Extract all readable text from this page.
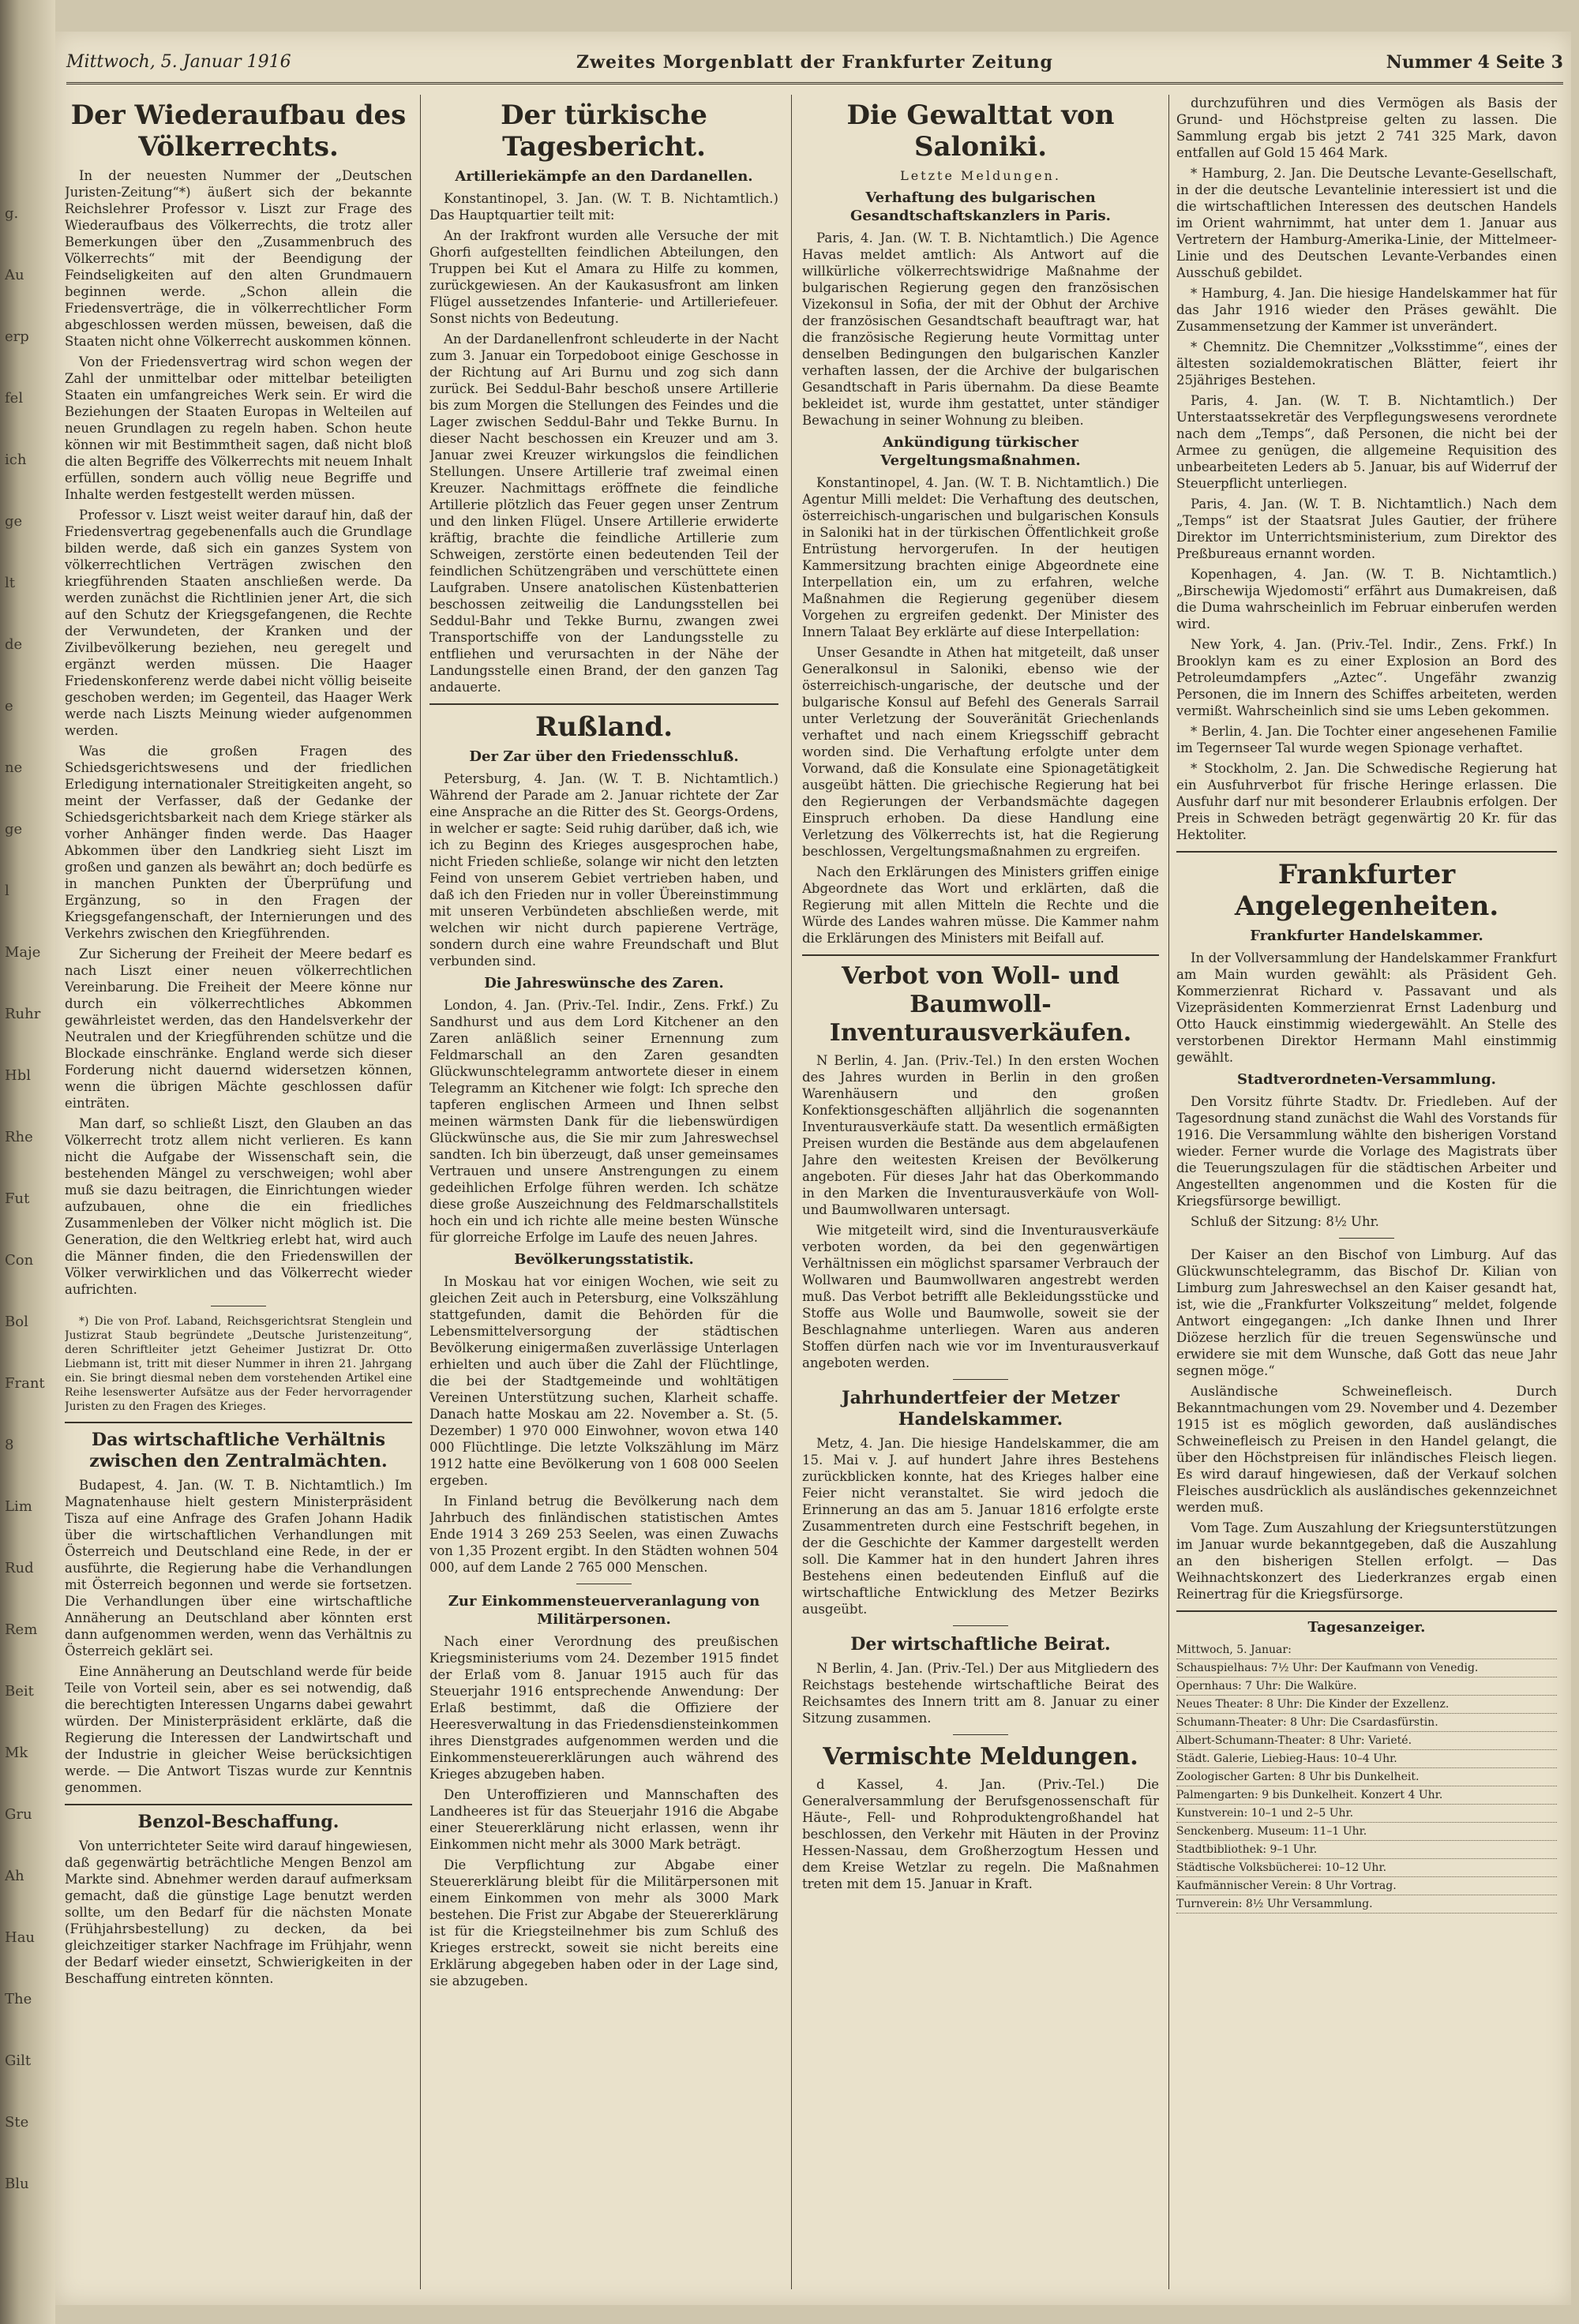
g.
Au
erp
fel
ich
ge
lt
de
e
ne
ge
l
Maje
Ruhr
Hbl
Rhe
Fut
Con
Bol
Frant
8
Lim
Rud
Rem
Beit
Mk
Gru
Ah
Hau
The
Gilt
Ste
Blu
Mittwoch, 5. Januar 1916	Zweites Morgenblatt der Frankfurter Zeitung	Nummer 4 Seite 3
Der Wiederaufbau des Völkerrechts.

In der neuesten Nummer der „Deutschen Juristen-Zeitung“*) äußert sich der bekannte Reichslehrer Professor v. Liszt zur Frage des Wiederaufbaus des Völkerrechts, die trotz aller Bemerkungen über den „Zusammenbruch des Völkerrechts“ mit der Beendigung der Feindseligkeiten auf den alten Grundmauern beginnen werde. „Schon allein die Friedensverträge, die in völkerrechtlicher Form abgeschlossen werden müssen, beweisen, daß die Staaten nicht ohne Völkerrecht auskommen können.

Von der Friedensvertrag wird schon wegen der Zahl der unmittelbar oder mittelbar beteiligten Staaten ein umfangreiches Werk sein. Er wird die Beziehungen der Staaten Europas in Welteilen auf neuen Grundlagen zu regeln haben. Schon heute können wir mit Bestimmtheit sagen, daß nicht bloß die alten Begriffe des Völkerrechts mit neuem Inhalt erfüllen, sondern auch völlig neue Begriffe und Inhalte werden festgestellt werden müssen.

Professor v. Liszt weist weiter darauf hin, daß der Friedensvertrag gegebenenfalls auch die Grundlage bilden werde, daß sich ein ganzes System von völkerrechtlichen Verträgen zwischen den kriegführenden Staaten anschließen werde. Da werden zunächst die Richtlinien jener Art, die sich auf den Schutz der Kriegsgefangenen, die Rechte der Verwundeten, der Kranken und der Zivilbevölkerung beziehen, neu geregelt und ergänzt werden müssen. Die Haager Friedenskonferenz werde dabei nicht völlig beiseite geschoben werden; im Gegenteil, das Haager Werk werde nach Liszts Meinung wieder aufgenommen werden.

Was die großen Fragen des Schiedsgerichtswesens und der friedlichen Erledigung internationaler Streitigkeiten angeht, so meint der Verfasser, daß der Gedanke der Schiedsgerichtsbarkeit nach dem Kriege stärker als vorher Anhänger finden werde. Das Haager Abkommen über den Landkrieg sieht Liszt im großen und ganzen als bewährt an; doch bedürfe es in manchen Punkten der Überprüfung und Ergänzung, so in den Fragen der Kriegsgefangenschaft, der Internierungen und des Verkehrs zwischen den Kriegführenden.

Zur Sicherung der Freiheit der Meere bedarf es nach Liszt einer neuen völkerrechtlichen Vereinbarung. Die Freiheit der Meere könne nur durch ein völkerrechtliches Abkommen gewährleistet werden, das den Handelsverkehr der Neutralen und der Kriegführenden schütze und die Blockade einschränke. England werde sich dieser Forderung nicht dauernd widersetzen können, wenn die übrigen Mächte geschlossen dafür einträten.

Man darf, so schließt Liszt, den Glauben an das Völkerrecht trotz allem nicht verlieren. Es kann nicht die Aufgabe der Wissenschaft sein, die bestehenden Mängel zu verschweigen; wohl aber muß sie dazu beitragen, die Einrichtungen wieder aufzubauen, ohne die ein friedliches Zusammenleben der Völker nicht möglich ist. Die Generation, die den Weltkrieg erlebt hat, wird auch die Männer finden, die den Friedenswillen der Völker verwirklichen und das Völkerrecht wieder aufrichten.

*) Die von Prof. Laband, Reichsgerichtsrat Stenglein und Justizrat Staub begründete „Deutsche Juristenzeitung“, deren Schriftleiter jetzt Geheimer Justizrat Dr. Otto Liebmann ist, tritt mit dieser Nummer in ihren 21. Jahrgang ein. Sie bringt diesmal neben dem vorstehenden Artikel eine Reihe lesenswerter Aufsätze aus der Feder hervorragender Juristen zu den Fragen des Krieges.

Das wirtschaftliche Verhältnis zwischen den Zentralmächten.

Budapest, 4. Jan. (W. T. B. Nichtamtlich.) Im Magnatenhause hielt gestern Ministerpräsident Tisza auf eine Anfrage des Grafen Johann Hadik über die wirtschaftlichen Verhandlungen mit Österreich und Deutschland eine Rede, in der er ausführte, die Regierung habe die Verhandlungen mit Österreich begonnen und werde sie fortsetzen. Die Verhandlungen über eine wirtschaftliche Annäherung an Deutschland aber könnten erst dann aufgenommen werden, wenn das Verhältnis zu Österreich geklärt sei.

Eine Annäherung an Deutschland werde für beide Teile von Vorteil sein, aber es sei notwendig, daß die berechtigten Interessen Ungarns dabei gewahrt würden. Der Ministerpräsident erklärte, daß die Regierung die Interessen der Landwirtschaft und der Industrie in gleicher Weise berücksichtigen werde. — Die Antwort Tiszas wurde zur Kenntnis genommen.

Benzol-Beschaffung.

Von unterrichteter Seite wird darauf hingewiesen, daß gegenwärtig beträchtliche Mengen Benzol am Markte sind. Abnehmer werden darauf aufmerksam gemacht, daß die günstige Lage benutzt werden sollte, um den Bedarf für die nächsten Monate (Frühjahrsbestellung) zu decken, da bei gleichzeitiger starker Nachfrage im Frühjahr, wenn der Bedarf wieder einsetzt, Schwierigkeiten in der Beschaffung eintreten könnten.

Der türkische Tagesbericht.
Artilleriekämpfe an den Dardanellen.

Konstantinopel, 3. Jan. (W. T. B. Nichtamtlich.) Das Hauptquartier teilt mit:

An der Irakfront wurden alle Versuche der mit Ghorfi aufgestellten feindlichen Abteilungen, den Truppen bei Kut el Amara zu Hilfe zu kommen, zurückgewiesen. An der Kaukasusfront am linken Flügel aussetzendes Infanterie- und Artilleriefeuer. Sonst nichts von Bedeutung.

An der Dardanellenfront schleuderte in der Nacht zum 3. Januar ein Torpedoboot einige Geschosse in der Richtung auf Ari Burnu und zog sich dann zurück. Bei Seddul-Bahr beschoß unsere Artillerie bis zum Morgen die Stellungen des Feindes und die Lager zwischen Seddul-Bahr und Tekke Burnu. In dieser Nacht beschossen ein Kreuzer und am 3. Januar zwei Kreuzer wirkungslos die feindlichen Stellungen. Unsere Artillerie traf zweimal einen Kreuzer. Nachmittags eröffnete die feindliche Artillerie plötzlich das Feuer gegen unser Zentrum und den linken Flügel. Unsere Artillerie erwiderte kräftig, brachte die feindliche Artillerie zum Schweigen, zerstörte einen bedeutenden Teil der feindlichen Schützengräben und verschüttete einen Laufgraben. Unsere anatolischen Küstenbatterien beschossen zeitweilig die Landungsstellen bei Seddul-Bahr und Tekke Burnu, zwangen zwei Transportschiffe von der Landungsstelle zu entfliehen und verursachten in der Nähe der Landungsstelle einen Brand, der den ganzen Tag andauerte.

Rußland.
Der Zar über den Friedensschluß.

Petersburg, 4. Jan. (W. T. B. Nichtamtlich.) Während der Parade am 2. Januar richtete der Zar eine Ansprache an die Ritter des St. Georgs-Ordens, in welcher er sagte: Seid ruhig darüber, daß ich, wie ich zu Beginn des Krieges ausgesprochen habe, nicht Frieden schließe, solange wir nicht den letzten Feind von unserem Gebiet vertrieben haben, und daß ich den Frieden nur in voller Übereinstimmung mit unseren Verbündeten abschließen werde, mit welchen wir nicht durch papierene Verträge, sondern durch eine wahre Freundschaft und Blut verbunden sind.

Die Jahreswünsche des Zaren.

London, 4. Jan. (Priv.-Tel. Indir., Zens. Frkf.) Zu Sandhurst und aus dem Lord Kitchener an den Zaren anläßlich seiner Ernennung zum Feldmarschall an den Zaren gesandten Glückwunschtelegramm antwortete dieser in einem Telegramm an Kitchener wie folgt: Ich spreche den tapferen englischen Armeen und Ihnen selbst meinen wärmsten Dank für die liebenswürdigen Glückwünsche aus, die Sie mir zum Jahreswechsel sandten. Ich bin überzeugt, daß unser gemeinsames Vertrauen und unsere Anstrengungen zu einem gedeihlichen Erfolge führen werden. Ich schätze diese große Auszeichnung des Feldmarschallstitels hoch ein und ich richte alle meine besten Wünsche für glorreiche Erfolge im Laufe des neuen Jahres.

Bevölkerungsstatistik.

In Moskau hat vor einigen Wochen, wie seit zu gleichen Zeit auch in Petersburg, eine Volkszählung stattgefunden, damit die Behörden für die Lebensmittelversorgung der städtischen Bevölkerung einigermaßen zuverlässige Unterlagen erhielten und auch über die Zahl der Flüchtlinge, die bei der Stadtgemeinde und wohltätigen Vereinen Unterstützung suchen, Klarheit schaffe. Danach hatte Moskau am 22. November a. St. (5. Dezember) 1 970 000 Einwohner, wovon etwa 140 000 Flüchtlinge. Die letzte Volkszählung im März 1912 hatte eine Bevölkerung von 1 608 000 Seelen ergeben.

In Finland betrug die Bevölkerung nach dem Jahrbuch des finländischen statistischen Amtes Ende 1914 3 269 253 Seelen, was einen Zuwachs von 1,35 Prozent ergibt. In den Städten wohnen 504 000, auf dem Lande 2 765 000 Menschen.

Zur Einkommensteuerveranlagung von Militärpersonen.

Nach einer Verordnung des preußischen Kriegsministeriums vom 24. Dezember 1915 findet der Erlaß vom 8. Januar 1915 auch für das Steuerjahr 1916 entsprechende Anwendung: Der Erlaß bestimmt, daß die Offiziere der Heeresverwaltung in das Friedensdiensteinkommen ihres Dienstgrades aufgenommen werden und die Einkommensteuererklärungen auch während des Krieges abzugeben haben.

Den Unteroffizieren und Mannschaften des Landheeres ist für das Steuerjahr 1916 die Abgabe einer Steuererklärung nicht erlassen, wenn ihr Einkommen nicht mehr als 3000 Mark beträgt.

Die Verpflichtung zur Abgabe einer Steuererklärung bleibt für die Militärpersonen mit einem Einkommen von mehr als 3000 Mark bestehen. Die Frist zur Abgabe der Steuererklärung ist für die Kriegsteilnehmer bis zum Schluß des Krieges erstreckt, soweit sie nicht bereits eine Erklärung abgegeben haben oder in der Lage sind, sie abzugeben.

Die Gewalttat von Saloniki.
Letzte Meldungen.
Verhaftung des bulgarischen Gesandtschaftskanzlers in Paris.

Paris, 4. Jan. (W. T. B. Nichtamtlich.) Die Agence Havas meldet amtlich: Als Antwort auf die willkürliche völkerrechtswidrige Maßnahme der bulgarischen Regierung gegen den französischen Vizekonsul in Sofia, der mit der Obhut der Archive der französischen Gesandtschaft beauftragt war, hat die französische Regierung heute Vormittag unter denselben Bedingungen den bulgarischen Kanzler verhaften lassen, der die Archive der bulgarischen Gesandtschaft in Paris übernahm. Da diese Beamte bekleidet ist, wurde ihm gestattet, unter ständiger Bewachung in seiner Wohnung zu bleiben.

Ankündigung türkischer Vergeltungsmaßnahmen.

Konstantinopel, 4. Jan. (W. T. B. Nichtamtlich.) Die Agentur Milli meldet: Die Verhaftung des deutschen, österreichisch-ungarischen und bulgarischen Konsuls in Saloniki hat in der türkischen Öffentlichkeit große Entrüstung hervorgerufen. In der heutigen Kammersitzung brachten einige Abgeordnete eine Interpellation ein, um zu erfahren, welche Maßnahmen die Regierung gegenüber diesem Vorgehen zu ergreifen gedenkt. Der Minister des Innern Talaat Bey erklärte auf diese Interpellation:

Unser Gesandte in Athen hat mitgeteilt, daß unser Generalkonsul in Saloniki, ebenso wie der österreichisch-ungarische, der deutsche und der bulgarische Konsul auf Befehl des Generals Sarrail unter Verletzung der Souveränität Griechenlands verhaftet und nach einem Kriegsschiff gebracht worden sind. Die Verhaftung erfolgte unter dem Vorwand, daß die Konsulate eine Spionagetätigkeit ausgeübt hätten. Die griechische Regierung hat bei den Regierungen der Verbandsmächte dagegen Einspruch erhoben. Da diese Handlung eine Verletzung des Völkerrechts ist, hat die Regierung beschlossen, Vergeltungsmaßnahmen zu ergreifen.

Nach den Erklärungen des Ministers griffen einige Abgeordnete das Wort und erklärten, daß die Regierung mit allen Mitteln die Rechte und die Würde des Landes wahren müsse. Die Kammer nahm die Erklärungen des Ministers mit Beifall auf.

Verbot von Woll- und Baumwoll-Inventurausverkäufen.

N Berlin, 4. Jan. (Priv.-Tel.) In den ersten Wochen des Jahres wurden in Berlin in den großen Warenhäusern und den großen Konfektionsgeschäften alljährlich die sogenannten Inventurausverkäufe statt. Da wesentlich ermäßigten Preisen wurden die Bestände aus dem abgelaufenen Jahre den weitesten Kreisen der Bevölkerung angeboten. Für dieses Jahr hat das Oberkommando in den Marken die Inventurausverkäufe von Woll- und Baumwollwaren untersagt.

Wie mitgeteilt wird, sind die Inventurausverkäufe verboten worden, da bei den gegenwärtigen Verhältnissen ein möglichst sparsamer Verbrauch der Wollwaren und Baumwollwaren angestrebt werden muß. Das Verbot betrifft alle Bekleidungsstücke und Stoffe aus Wolle und Baumwolle, soweit sie der Beschlagnahme unterliegen. Waren aus anderen Stoffen dürfen nach wie vor im Inventurausverkauf angeboten werden.

Jahrhundertfeier der Metzer Handelskammer.

Metz, 4. Jan. Die hiesige Handelskammer, die am 15. Mai v. J. auf hundert Jahre ihres Bestehens zurückblicken konnte, hat des Krieges halber eine Feier nicht veranstaltet. Sie wird jedoch die Erinnerung an das am 5. Januar 1816 erfolgte erste Zusammentreten durch eine Festschrift begehen, in der die Geschichte der Kammer dargestellt werden soll. Die Kammer hat in den hundert Jahren ihres Bestehens einen bedeutenden Einfluß auf die wirtschaftliche Entwicklung des Metzer Bezirks ausgeübt.

Der wirtschaftliche Beirat.

N Berlin, 4. Jan. (Priv.-Tel.) Der aus Mitgliedern des Reichstags bestehende wirtschaftliche Beirat des Reichsamtes des Innern tritt am 8. Januar zu einer Sitzung zusammen.

Vermischte Meldungen.

d Kassel, 4. Jan. (Priv.-Tel.) Die Generalversammlung der Berufsgenossenschaft für Häute-, Fell- und Rohproduktengroßhandel hat beschlossen, den Verkehr mit Häuten in der Provinz Hessen-Nassau, dem Großherzogtum Hessen und dem Kreise Wetzlar zu regeln. Die Maßnahmen treten mit dem 15. Januar in Kraft.

durchzuführen und dies Vermögen als Basis der Grund- und Höchstpreise gelten zu lassen. Die Sammlung ergab bis jetzt 2 741 325 Mark, davon entfallen auf Gold 15 464 Mark.

* Hamburg, 2. Jan. Die Deutsche Levante-Gesellschaft, in der die deutsche Levantelinie interessiert ist und die die wirtschaftlichen Interessen des deutschen Handels im Orient wahrnimmt, hat unter dem 1. Januar aus Vertretern der Hamburg-Amerika-Linie, der Mittelmeer-Linie und des Deutschen Levante-Verbandes einen Ausschuß gebildet.

* Hamburg, 4. Jan. Die hiesige Handelskammer hat für das Jahr 1916 wieder den Präses gewählt. Die Zusammensetzung der Kammer ist unverändert.

* Chemnitz. Die Chemnitzer „Volksstimme“, eines der ältesten sozialdemokratischen Blätter, feiert ihr 25jähriges Bestehen.

Paris, 4. Jan. (W. T. B. Nichtamtlich.) Der Unterstaatssekretär des Verpflegungswesens verordnete nach dem „Temps“, daß Personen, die nicht bei der Armee zu genügen, die allgemeine Requisition des unbearbeiteten Leders ab 5. Januar, bis auf Widerruf der Steuerpflicht unterliegen.

Paris, 4. Jan. (W. T. B. Nichtamtlich.) Nach dem „Temps“ ist der Staatsrat Jules Gautier, der frühere Direktor im Unterrichtsministerium, zum Direktor des Preßbureaus ernannt worden.

Kopenhagen, 4. Jan. (W. T. B. Nichtamtlich.) „Birschewija Wjedomosti“ erfährt aus Dumakreisen, daß die Duma wahrscheinlich im Februar einberufen werden wird.

New York, 4. Jan. (Priv.-Tel. Indir., Zens. Frkf.) In Brooklyn kam es zu einer Explosion an Bord des Petroleumdampfers „Aztec“. Ungefähr zwanzig Personen, die im Innern des Schiffes arbeiteten, werden vermißt. Wahrscheinlich sind sie ums Leben gekommen.

* Berlin, 4. Jan. Die Tochter einer angesehenen Familie im Tegernseer Tal wurde wegen Spionage verhaftet.

* Stockholm, 2. Jan. Die Schwedische Regierung hat ein Ausfuhrverbot für frische Heringe erlassen. Die Ausfuhr darf nur mit besonderer Erlaubnis erfolgen. Der Preis in Schweden beträgt gegenwärtig 20 Kr. für das Hektoliter.

Frankfurter Angelegenheiten.
Frankfurter Handelskammer.

In der Vollversammlung der Handelskammer Frankfurt am Main wurden gewählt: als Präsident Geh. Kommerzienrat Richard v. Passavant und als Vizepräsidenten Kommerzienrat Ernst Ladenburg und Otto Hauck einstimmig wiedergewählt. An Stelle des verstorbenen Direktor Hermann Mahl einstimmig gewählt.

Stadtverordneten-Versammlung.

Den Vorsitz führte Stadtv. Dr. Friedleben. Auf der Tagesordnung stand zunächst die Wahl des Vorstands für 1916. Die Versammlung wählte den bisherigen Vorstand wieder. Ferner wurde die Vorlage des Magistrats über die Teuerungszulagen für die städtischen Arbeiter und Angestellten angenommen und die Kosten für die Kriegsfürsorge bewilligt.

Schluß der Sitzung: 8½ Uhr.

Der Kaiser an den Bischof von Limburg. Auf das Glückwunschtelegramm, das Bischof Dr. Kilian von Limburg zum Jahreswechsel an den Kaiser gesandt hat, ist, wie die „Frankfurter Volkszeitung“ meldet, folgende Antwort eingegangen: „Ich danke Ihnen und Ihrer Diözese herzlich für die treuen Segenswünsche und erwidere sie mit dem Wunsche, daß Gott das neue Jahr segnen möge.“

Ausländische Schweinefleisch. Durch Bekanntmachungen vom 29. November und 4. Dezember 1915 ist es möglich geworden, daß ausländisches Schweinefleisch zu Preisen in den Handel gelangt, die über den Höchstpreisen für inländisches Fleisch liegen. Es wird darauf hingewiesen, daß der Verkauf solchen Fleisches ausdrücklich als ausländisches gekennzeichnet werden muß.

Vom Tage. Zum Auszahlung der Kriegsunterstützungen im Januar wurde bekanntgegeben, daß die Auszahlung an den bisherigen Stellen erfolgt. — Das Weihnachtskonzert des Liederkranzes ergab einen Reinertrag für die Kriegsfürsorge.

Tagesanzeiger.
Mittwoch, 5. Januar:
Schauspielhaus: 7½ Uhr: Der Kaufmann von Venedig.
Opernhaus: 7 Uhr: Die Walküre.
Neues Theater: 8 Uhr: Die Kinder der Exzellenz.
Schumann-Theater: 8 Uhr: Die Csardasfürstin.
Albert-Schumann-Theater: 8 Uhr: Varieté.
Städt. Galerie, Liebieg-Haus: 10–4 Uhr.
Zoologischer Garten: 8 Uhr bis Dunkelheit.
Palmengarten: 9 bis Dunkelheit. Konzert 4 Uhr.
Kunstverein: 10–1 und 2–5 Uhr.
Senckenberg. Museum: 11–1 Uhr.
Stadtbibliothek: 9–1 Uhr.
Städtische Volksbücherei: 10–12 Uhr.
Kaufmännischer Verein: 8 Uhr Vortrag.
Turnverein: 8½ Uhr Versammlung.
